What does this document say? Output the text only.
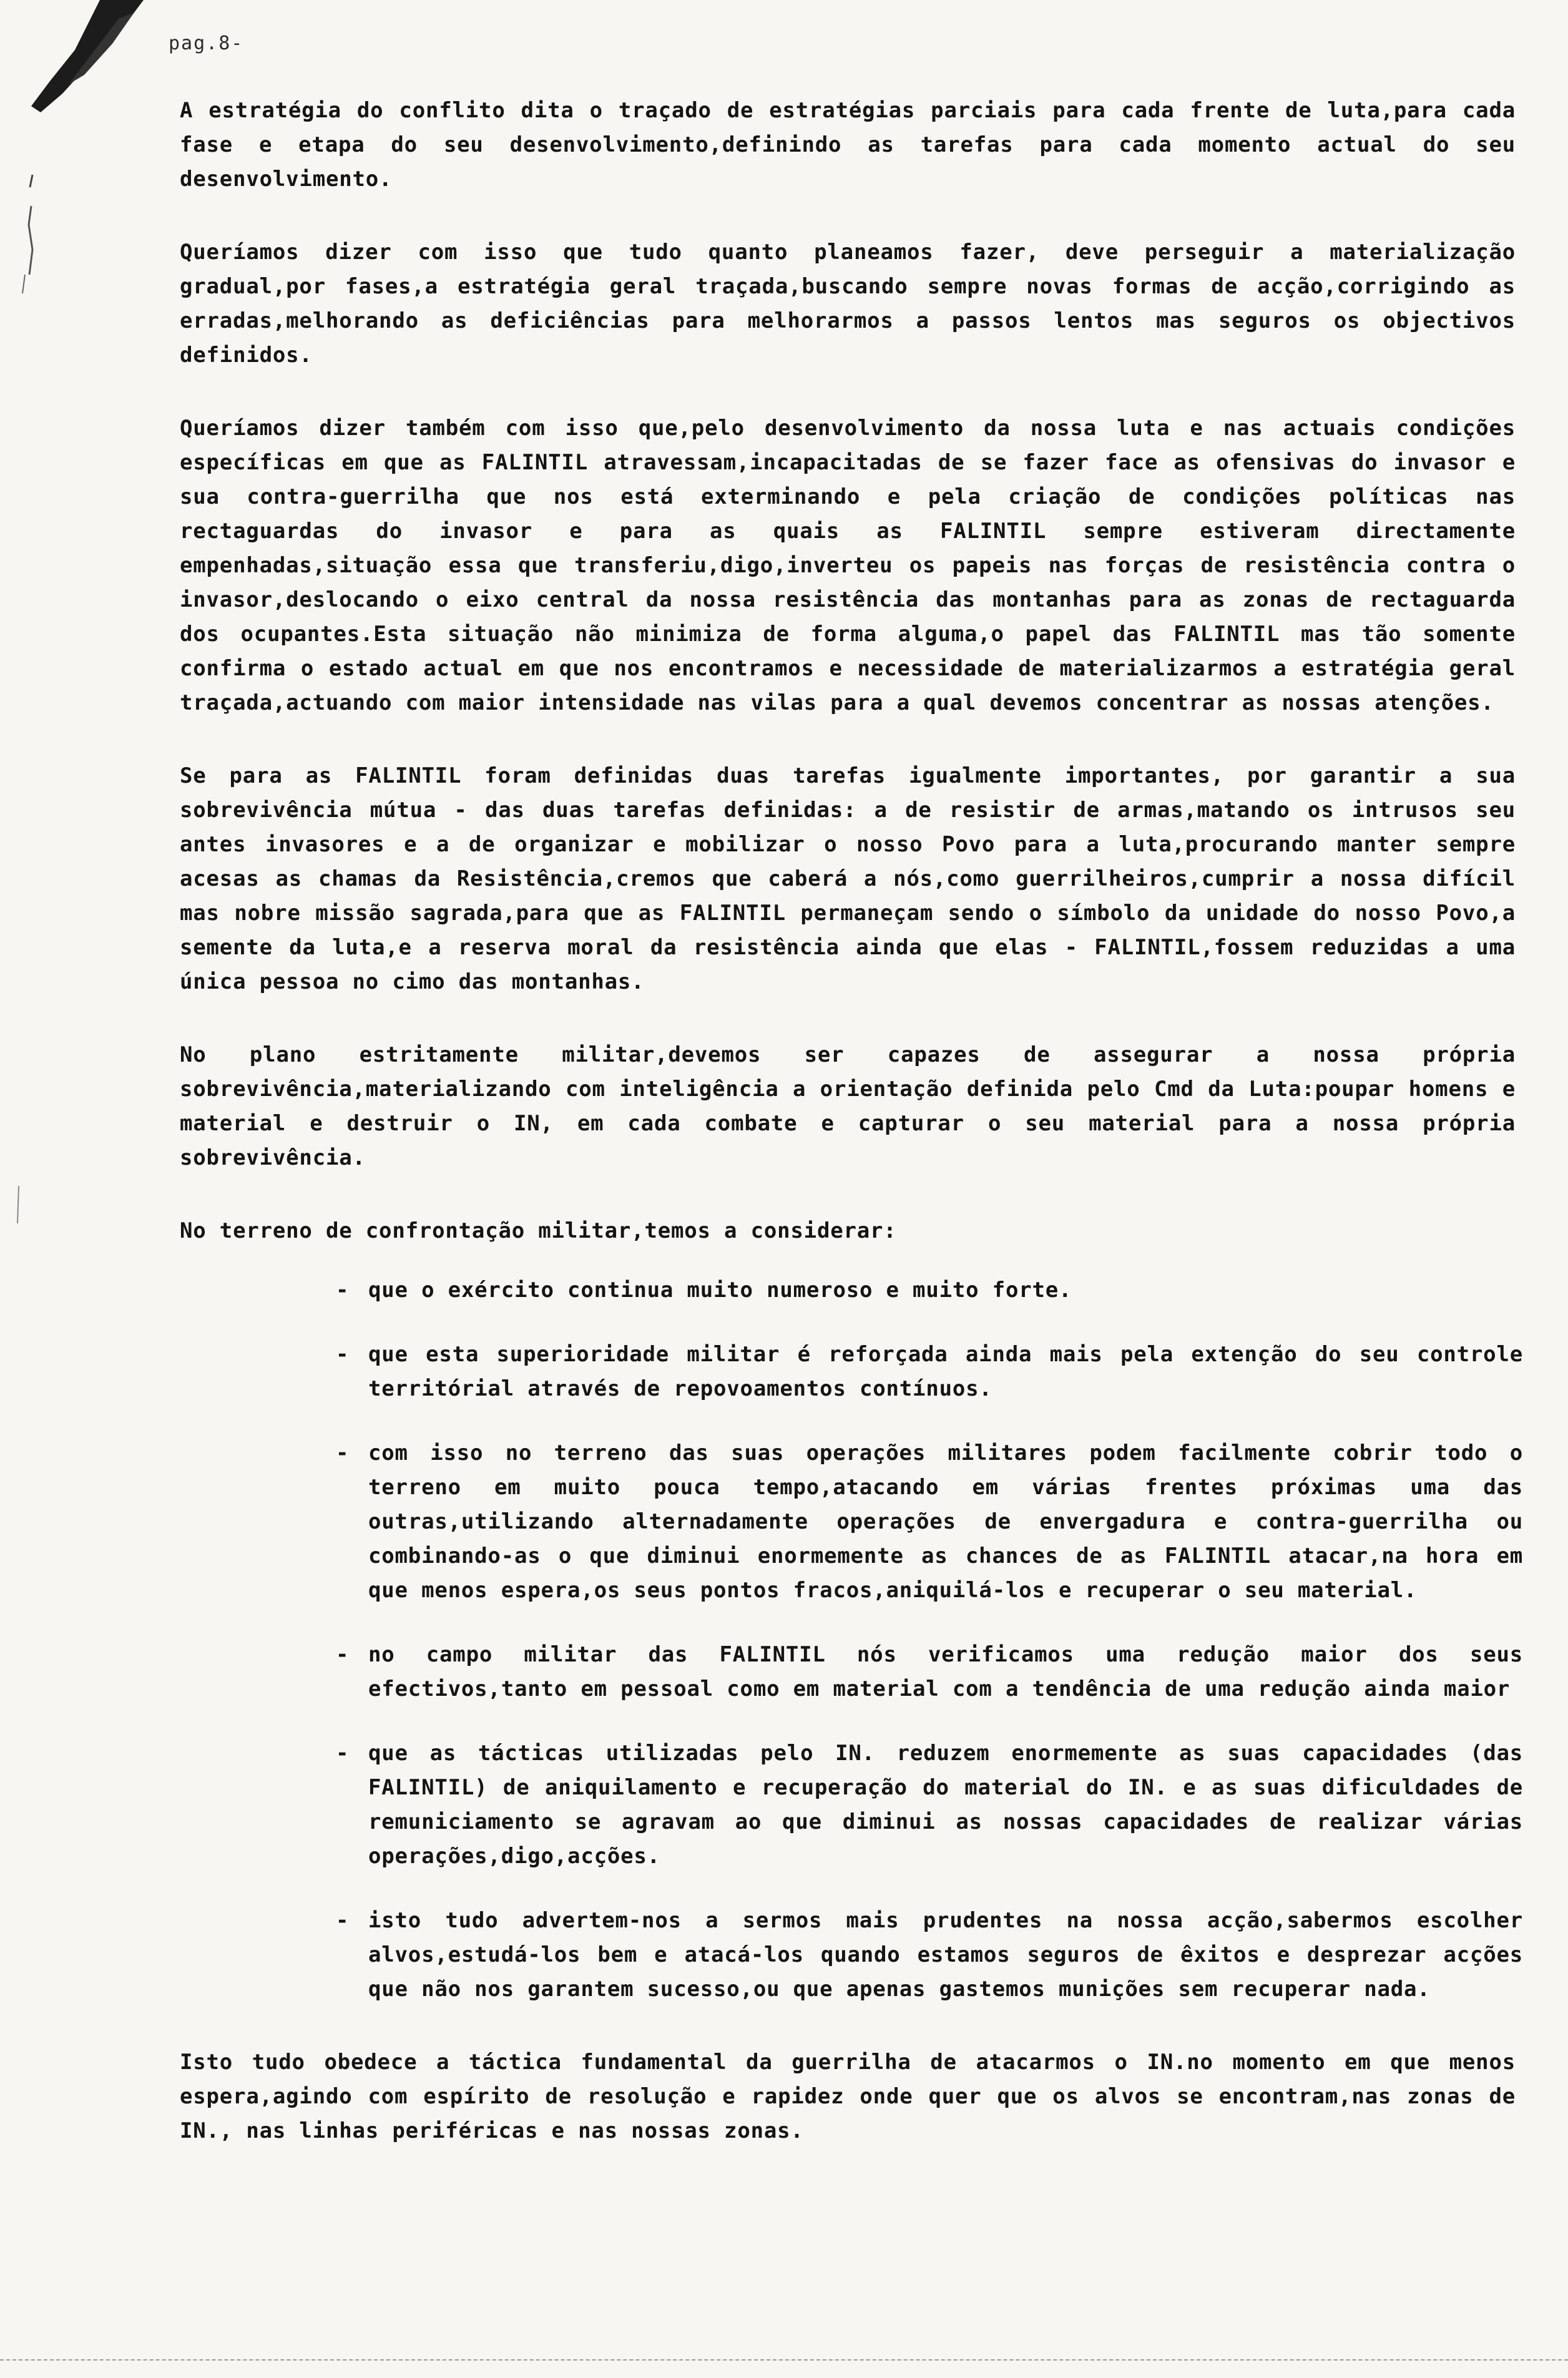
pag.8-

A estratégia do conflito dita o traçado de estratégias parciais para cada frente de luta,para cada fase e etapa do seu desenvolvimento,definindo as tarefas para cada momento actual do seu desenvolvimento.

Queríamos dizer com isso que tudo quanto planeamos fazer, deve perseguir a materialização gradual,por fases,a estratégia geral traçada,buscando sempre novas formas de acção,corrigindo as erradas,melhorando as deficiências para melhorarmos a passos lentos mas seguros os objectivos definidos.

Queríamos dizer também com isso que,pelo desenvolvimento da nossa luta e nas actuais condições específicas em que as FALINTIL atravessam,incapacitadas de se fazer face as ofensivas do invasor e sua contra-guerrilha que nos está exterminando e pela criação de condições políticas nas rectaguardas do invasor e para as quais as FALINTIL sempre estiveram directamente empenhadas,situação essa que transferiu,digo,inverteu os papeis nas forças de resistência contra o invasor,deslocando o eixo central da nossa resistência das montanhas para as zonas de rectaguarda dos ocupantes.Esta situação não minimiza de forma alguma,o papel das FALINTIL mas tão somente confirma o estado actual em que nos encontramos e necessidade de materializarmos a estratégia geral traçada,actuando com maior intensidade nas vilas para a qual devemos concentrar as nossas atenções.

Se para as FALINTIL foram definidas duas tarefas igualmente importantes, por garantir a sua sobrevivência mútua - das duas tarefas definidas: a de resistir de armas,matando os intrusos seu antes invasores e a de organizar e mobilizar o nosso Povo para a luta,procurando manter sempre acesas as chamas da Resistência,cremos que caberá a nós,como guerrilheiros,cumprir a nossa difícil mas nobre missão sagrada,para que as FALINTIL permaneçam sendo o símbolo da unidade do nosso Povo,a semente da luta,e a reserva moral da resistência ainda que elas - FALINTIL,fossem reduzidas a uma única pessoa no cimo das montanhas.

No plano estritamente militar,devemos ser capazes de assegurar a nossa própria sobrevivência,materializando com inteligência a orientação definida pelo Cmd da Luta:poupar homens e material e destruir o IN, em cada combate e capturar o seu material para a nossa própria sobrevivência.

No terreno de confrontação militar,temos a considerar:

- que o exército continua muito numeroso e muito forte.
- que esta superioridade militar é reforçada ainda mais pela extenção do seu controle territórial através de repovoamentos contínuos.
- com isso no terreno das suas operações militares podem facilmente cobrir todo o terreno em muito pouca tempo,atacando em várias frentes próximas uma das outras,utilizando alternadamente operações de envergadura e contra-guerrilha ou combinando-as o que diminui enormemente as chances de as FALINTIL atacar,na hora em que menos espera,os seus pontos fracos,aniquilá-los e recuperar o seu material.
- no campo militar das FALINTIL nós verificamos uma redução maior dos seus efectivos,tanto em pessoal como em material com a tendência de uma redução ainda maior
- que as tácticas utilizadas pelo IN. reduzem enormemente as suas capacidades (das FALINTIL) de aniquilamento e recuperação do material do IN. e as suas dificuldades de remuniciamento se agravam ao que diminui as nossas capacidades de realizar várias operações,digo,acções.
- isto tudo advertem-nos a sermos mais prudentes na nossa acção,sabermos escolher alvos,estudá-los bem e atacá-los quando estamos seguros de êxitos e desprezar acções que não nos garantem sucesso,ou que apenas gastemos munições sem recuperar nada.

Isto tudo obedece a táctica fundamental da guerrilha de atacarmos o IN.no momento em que menos espera,agindo com espírito de resolução e rapidez onde quer que os alvos se encontram,nas zonas de IN., nas linhas periféricas e nas nossas zonas.
